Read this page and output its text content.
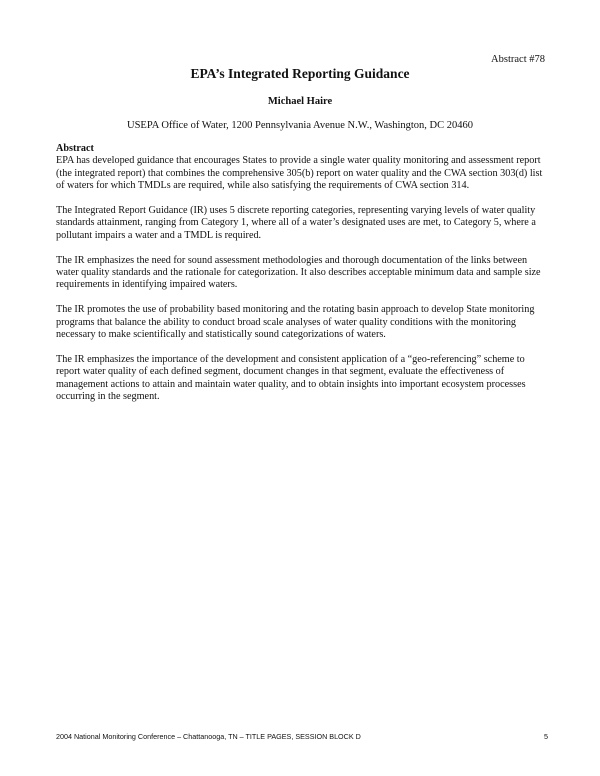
Abstract #78
EPA’s Integrated Reporting Guidance
Michael Haire
USEPA Office of Water, 1200 Pennsylvania Avenue N.W., Washington, DC 20460

Abstract

EPA has developed guidance that encourages States to provide a single water quality monitoring and assessment report (the integrated report) that combines the comprehensive 305(b) report on water quality and the CWA section 303(d) list of waters for which TMDLs are required, while also satisfying the requirements of CWA section 314.

The Integrated Report Guidance (IR) uses 5 discrete reporting categories, representing varying levels of water quality standards attainment, ranging from Category 1, where all of a water’s designated uses are met, to Category 5, where a pollutant impairs a water and a TMDL is required.

The IR emphasizes the need for sound assessment methodologies and thorough documentation of the links between water quality standards and the rationale for categorization. It also describes acceptable minimum data and sample size requirements in identifying impaired waters.

The IR promotes the use of probability based monitoring and the rotating basin approach to develop State monitoring programs that balance the ability to conduct broad scale analyses of water quality conditions with the monitoring necessary to make scientifically and statistically sound categorizations of waters.

The IR emphasizes the importance of the development and consistent application of a “geo-referencing” scheme to report water quality of each defined segment, document changes in that segment, evaluate the effectiveness of management actions to attain and maintain water quality, and to obtain insights into important ecosystem processes occurring in the segment.

2004 National Monitoring Conference – Chattanooga, TN – TITLE PAGES, SESSION BLOCK D	5
